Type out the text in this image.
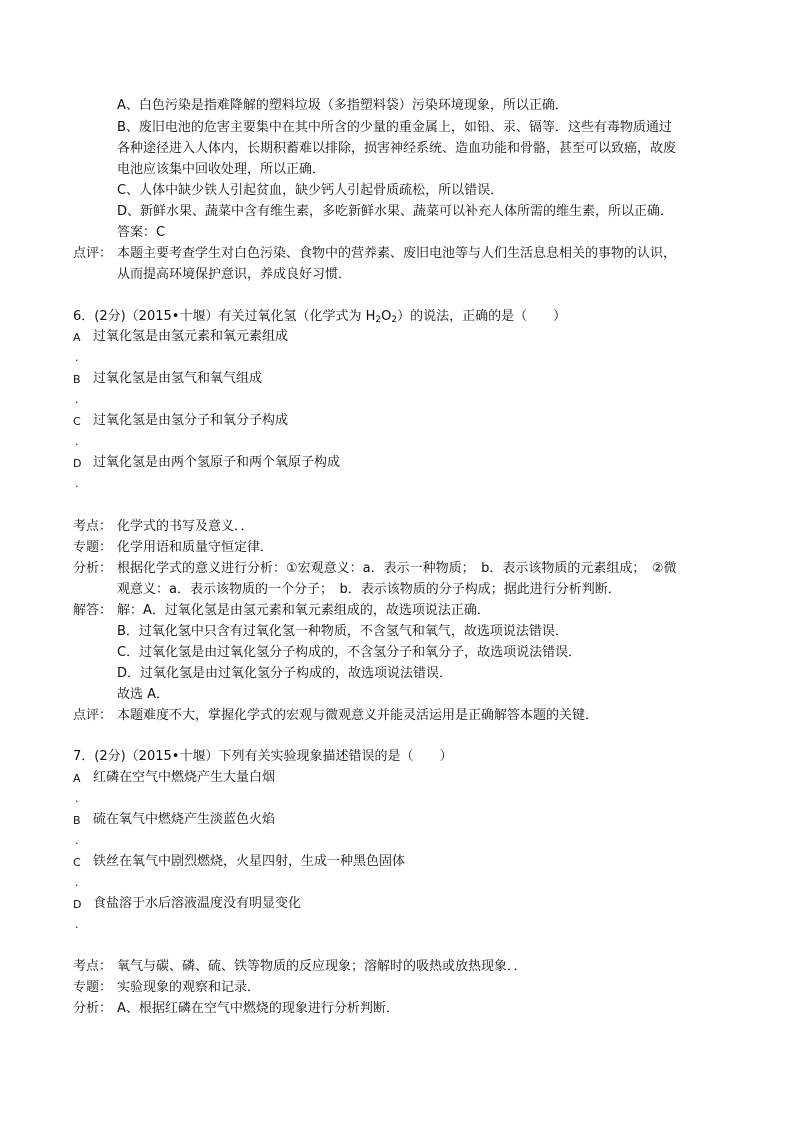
A、白色污染是指难降解的塑料垃圾（多指塑料袋）污染环境现象，所以正确．
B、废旧电池的危害主要集中在其中所含的少量的重金属上，如铅、汞、镉等．这些有毒物质通过
各种途径进入人体内，长期积蓄难以排除，损害神经系统、造血功能和骨骼，甚至可以致癌，故废
电池应该集中回收处理，所以正确．
C、人体中缺少铁人引起贫血，缺少钙人引起骨质疏松，所以错误．
D、新鲜水果、蔬菜中含有维生素，多吃新鲜水果、蔬菜可以补充人体所需的维生素，所以正确．
答案：C
点评： 本题主要考查学生对白色污染、食物中的营养素、废旧电池等与人们生活息息相关的事物的认识，
从而提高环境保护意识，养成良好习惯．
6．(2分)（2015•十堰）有关过氧化氢（化学式为 $H_2O_2$）的说法，正确的是（　　）
A 过氧化氢是由氢元素和氧元素组成
.
B 过氧化氢是由氢气和氧气组成
.
C 过氧化氢是由氢分子和氧分子构成
.
D 过氧化氢是由两个氢原子和两个氧原子构成
.
考点： 化学式的书写及意义．．
专题： 化学用语和质量守恒定律．
分析： 根据化学式的意义进行分析：①宏观意义：a．表示一种物质；　b．表示该物质的元素组成；　②微
观意义：a．表示该物质的一个分子；　b．表示该物质的分子构成；据此进行分析判断．
解答： 解：A．过氧化氢是由氢元素和氧元素组成的，故选项说法正确．
B．过氧化氢中只含有过氧化氢一种物质，不含氢气和氧气，故选项说法错误．
C．过氧化氢是由过氧化氢分子构成的，不含氢分子和氧分子，故选项说法错误．
D．过氧化氢是由过氧化氢分子构成的，故选项说法错误．
故选 A．
点评： 本题难度不大，掌握化学式的宏观与微观意义并能灵活运用是正确解答本题的关键．
7．(2分)（2015•十堰）下列有关实验现象描述错误的是（　　）
A 红磷在空气中燃烧产生大量白烟
.
B 硫在氧气中燃烧产生淡蓝色火焰
.
C 铁丝在氧气中剧烈燃烧，火星四射，生成一种黑色固体
.
D 食盐溶于水后溶液温度没有明显变化
.
考点： 氧气与碳、磷、硫、铁等物质的反应现象；溶解时的吸热或放热现象．．
专题： 实验现象的观察和记录．
分析： A、根据红磷在空气中燃烧的现象进行分析判断．
